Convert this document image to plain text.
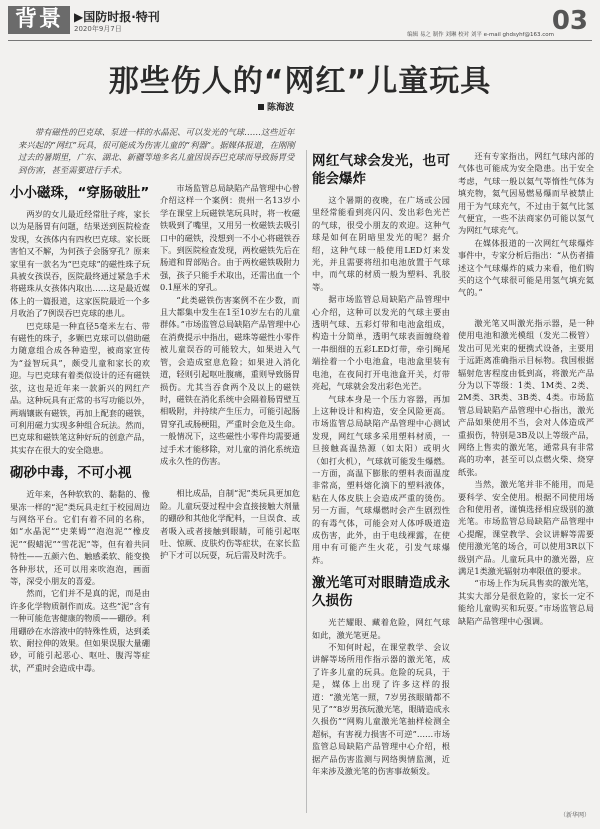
背景 ▶国防时报·特刊
2020年9月7日
编辑 易之 制作 刘琳 校对 刘平 e-mail ghdsyhf@163.com
03
那些伤人的“网红”儿童玩具
陈海波
带有磁性的巴克球、泵进一样的水晶泥、可以发光的气球……这些近年来兴起的“网红”玩具，很可能成为伤害儿童的“利器”。据媒体报道，在刚刚过去的暑期里，广东、湖北、新疆等地多名儿童因误吞巴克球而导致肠胃受到伤害，甚至需要进行手术。
小小磁珠，“穿肠破肚”

两岁的女儿最近经常肚子疼，家长以为是肠胃有问题，结果送到医院检查发现，女孩体内有四枚巴克球。家长既害怕又不解，为何孩子会肠穿孔？原来家里有一款名为“巴克球”的磁性珠子玩具被女孩误吞，医院最终通过紧急手术将磁珠从女孩体内取出……这是最近媒体上的一篇报道，这家医院最近一个多月收治了7例误吞巴克球的患儿。

巴克球是一种直径5毫米左右、带有磁性的珠子，多颗巴克球可以借助磁力随意组合成各种造型，被商家宣传为“益智玩具”，颇受儿童和家长的欢迎。与巴克球有着类似设计的还有磁铁弦，这也是近年来一款新兴的网红产品。这种玩具有正常的书写功能以外，两端镶嵌有磁铁，再加上配套的磁铁，可利用磁力实现多种组合玩法。然而，巴克球和磁铁笔这种好玩的创意产品，其实存在很大的安全隐患。

砌砂中毒，不可小视

近年来，各种软软的、黏黏的、像果冻一样的“泥”类玩具走红于校园周边与网络平台。它们有着不同的名称，如“水晶泥”“史莱姆”“泡泡泥”“橡皮泥”“假蜡泥”“雪花泥”等，但有着共同特性——五颜六色、触感柔软、能变换各种形状，还可以用来吹泡泡，画面等，深受小朋友的喜爱。

然而，它们并不是真的泥，而是由许多化学物质制作而成。这些“泥”含有一种可能危害健康的物质——硼砂。利用硼砂在水溶液中的特殊性质，达到柔软、耐拉伸的效果。但如果误服大量硼砂，可能引起恶心、呕吐、腹泻等症状，严重时会造成中毒。

市场监管总局缺陷产品管理中心曾介绍这样一个案例：贵州一名13岁小学在课堂上玩磁铁笔玩具时，将一枚磁铁吸到了嘴里，又用另一枚磁铁去吸引口中的磁铁，没想到一不小心将磁铁吞下。到医院检查发现，两枚磁铁先后在肠道和胃部贴合。由于两枚磁铁吸附力强，孩子只能手术取出，还需出血一个0.1厘米的穿孔。

“此类磁铁伤害案例不在少数，而且大都集中发生在1至10岁左右的儿童群体。”市场监管总局缺陷产品管理中心在消费提示中指出，磁珠等磁性小零件被儿童误吞的可能较大，如果进入气管，会造成窒息危险；如果进入消化道，轻则引起呕吐腹痛，重则导致肠胃损伤。尤其当吞食两个及以上的磁铁时，磁铁在消化系统中会隔着肠胃壁互相吸附，并持续产生压力，可能引起肠胃穿孔或肠梗阻，严重时会危及生命。一般情况下，这些磁性小零件均需要通过手术才能移除，对儿童的消化系统造成永久性的伤害。

相比成品，自制“泥”类玩具更加危险。儿童玩耍过程中会直接接触大剂量的硼砂和其他化学配料，一旦误食、或者吸入或者接触到眼睛，可能引起呕吐、惊厥、皮肤灼伤等症状，在家长监护下才可以玩耍，玩后需及时洗手。

网红气球会发光，也可能会爆炸

这个暑期的夜晚，在广场或公园里经常能看到亮闪闪、发出彩色光芒的气球，很受小朋友的欢迎。这种气球是如何在阴暗里发光的呢？据介绍，这种气球一般使用LED灯来发光，并且需要将纽扣电池放置于气球中，而气球的材质一般为塑料、乳胶等。

据市场监管总局缺陷产品管理中心介绍，这种可以发光的气球主要由透明气球、五彩灯带和电池盒组成，构造十分简单，透明气球表面缠绕着一串细细的五彩LED灯带，牵引绳尾端拴着一个小电池盒，电池盒里装有电池，在夜间打开电池盒开关，灯带亮起，气球就会发出彩色光芒。

气球本身是一个压力容器，再加上这种设计和构造，安全风险更高。市场监管总局缺陷产品管理中心测试发现，网红气球多采用塑料材质，一旦接触高温热源（如太阳）或明火（如打火机），气球就可能发生爆燃。一方面，高温下膨胀的塑料表面温度非常高，塑料熔化滴下的塑料液体，粘在人体皮肤上会造成严重的烫伤。另一方面，气球爆燃时会产生剧烈性的有毒气体，可能会对人体呼吸道造成伤害，此外，由于电线裸露，在使用中有可能产生火花，引发气球爆炸。

激光笔可对眼睛造成永久损伤

光芒耀眼、藏着危险，网红气球如此，激光笔更是。

不知何时起，在课堂教学、会议讲解等场所用作指示器的激光笔，成了许多儿童的玩具。危险的玩具，于是，媒体上出现了许多这样的报道：“激光笔一照，7岁男孩眼睛都不见了”“8岁男孩玩激光笔，眼睛造成永久损伤”“网购儿童激光笔抽样检测全超标，有害视力损害不可逆”……市场监管总局缺陷产品管理中心介绍，根据产品伤害监测与网络舆情监测，近年来涉及激光笔的伤害事故频发。

还有专家指出，网红气球内部的气体也可能成为安全隐患。出于安全考虑，气球一般以氦气等惰性气体为填充物，氦气因易燃易爆而早被禁止用于为气球充气，不过由于氦气比氢气便宜，一些不法商家仍可能以氢气为网红气球充气。

在媒体报道的一次网红气球爆炸事件中，专家分析后指出：“从伤者描述这个气球爆炸的威力来看，他们购买的这个气球很可能是用氢气填充氦气的。”

激光笔又叫激光指示器，是一种使用电池和激光模组（发光二极管）发出可见光束的便携式设备，主要用于远距离准确指示目标物。我国根据辐射危害程度由低到高，将激光产品分为以下等级：1类、1M类、2类、2M类、3R类、3B类、4类。市场监管总局缺陷产品管理中心指出，激光产品如果使用不当，会对人体造成严重损伤，特别是3B及以上等级产品，网络上售卖的激光笔，通常具有非常高的功率，甚至可以点燃火柴、烧穿纸张。

当然，激光笔并非不能用，而是要科学、安全使用。根据不同使用场合和使用者，谨慎选择相应级别的激光笔。市场监管总局缺陷产品管理中心提醒，课堂教学、会议讲解等需要使用激光笔的场合，可以使用3R以下级别产品。儿童玩具中的激光器，应满足1类激光辐射功率限值的要求。

“市场上作为玩具售卖的激光笔，其实大部分是很危险的，家长一定不能给儿童购买和玩耍。”市场监管总局缺陷产品管理中心强调。

（新华网）
